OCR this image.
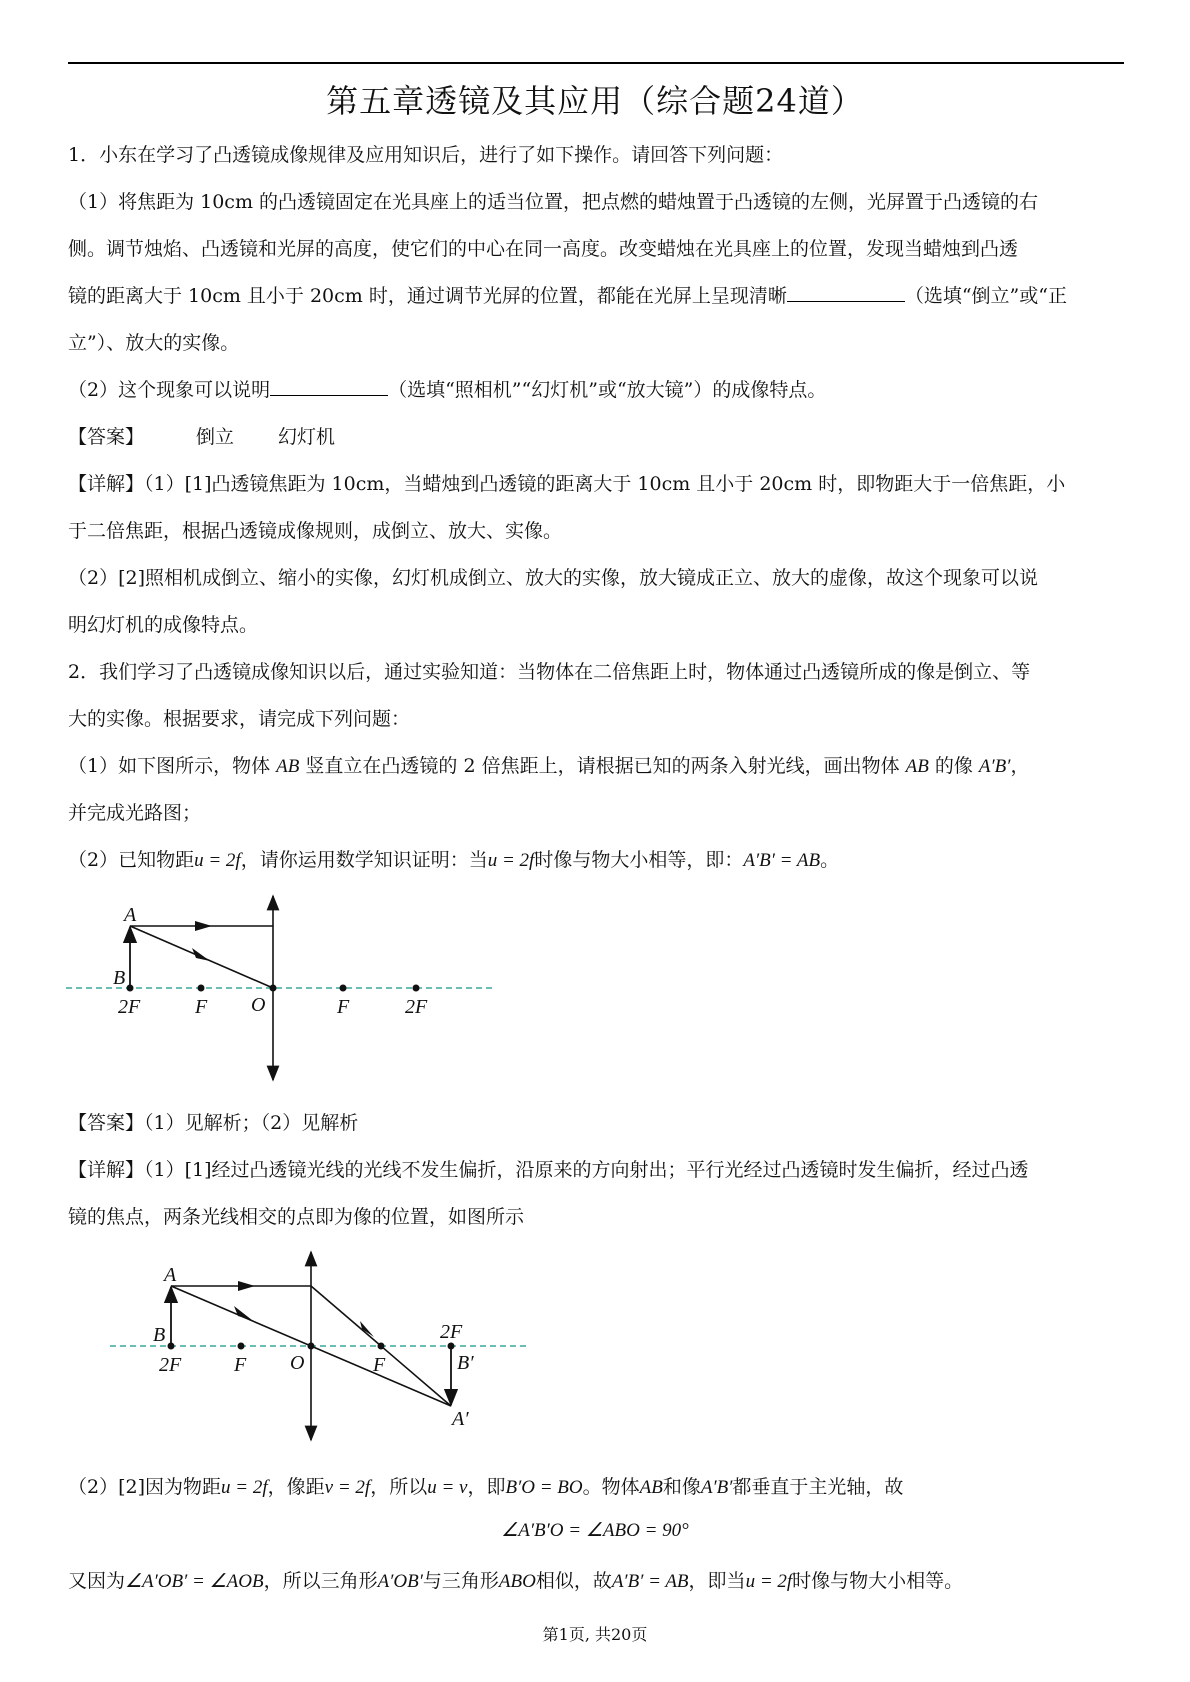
第五章透镜及其应用（综合题24道）
1．小东在学习了凸透镜成像规律及应用知识后，进行了如下操作。请回答下列问题：
（1）将焦距为 10cm 的凸透镜固定在光具座上的适当位置，把点燃的蜡烛置于凸透镜的左侧，光屏置于凸透镜的右
侧。调节烛焰、凸透镜和光屏的高度，使它们的中心在同一高度。改变蜡烛在光具座上的位置，发现当蜡烛到凸透
镜的距离大于 10cm 且小于 20cm 时，通过调节光屏的位置，都能在光屏上呈现清晰	（选填“倒立”或“正
立”）、放大的实像。
（2）这个现象可以说明	（选填“照相机”“幻灯机”或“放大镜”）的成像特点。
【答案】	倒立 幻灯机
【详解】（1）[1]凸透镜焦距为 10cm，当蜡烛到凸透镜的距离大于 10cm 且小于 20cm 时，即物距大于一倍焦距，小
于二倍焦距，根据凸透镜成像规则，成倒立、放大、实像。
（2）[2]照相机成倒立、缩小的实像，幻灯机成倒立、放大的实像，放大镜成正立、放大的虚像，故这个现象可以说
明幻灯机的成像特点。
2．我们学习了凸透镜成像知识以后，通过实验知道：当物体在二倍焦距上时，物体通过凸透镜所成的像是倒立、等
大的实像。根据要求，请完成下列问题：
（1）如下图所示，物体 AB 竖直立在凸透镜的 2 倍焦距上，请根据已知的两条入射光线，画出物体 AB 的像 A′B′，
并完成光路图；
（2）已知物距u = 2f，请你运用数学知识证明：当u = 2f时像与物大小相等，即：A′B′ = AB。
A
B
2F	F O	F	2F
【答案】（1）见解析；（2）见解析
【详解】（1）[1]经过凸透镜光线的光线不发生偏折，沿原来的方向射出；平行光经过凸透镜时发生偏折，经过凸透
镜的焦点，两条光线相交的点即为像的位置，如图所示
A
B
2F	F O	F
2F
B′
A′
（2）[2]因为物距u = 2f，像距v = 2f，所以u = v，即B′O = BO。物体AB和像A′B′都垂直于主光轴，故
∠A′B′O = ∠ABO = 90°
又因为∠A′OB′ = ∠AOB，所以三角形A′OB′与三角形ABO相似，故A′B′ = AB，即当u = 2f时像与物大小相等。
第1页, 共20页
